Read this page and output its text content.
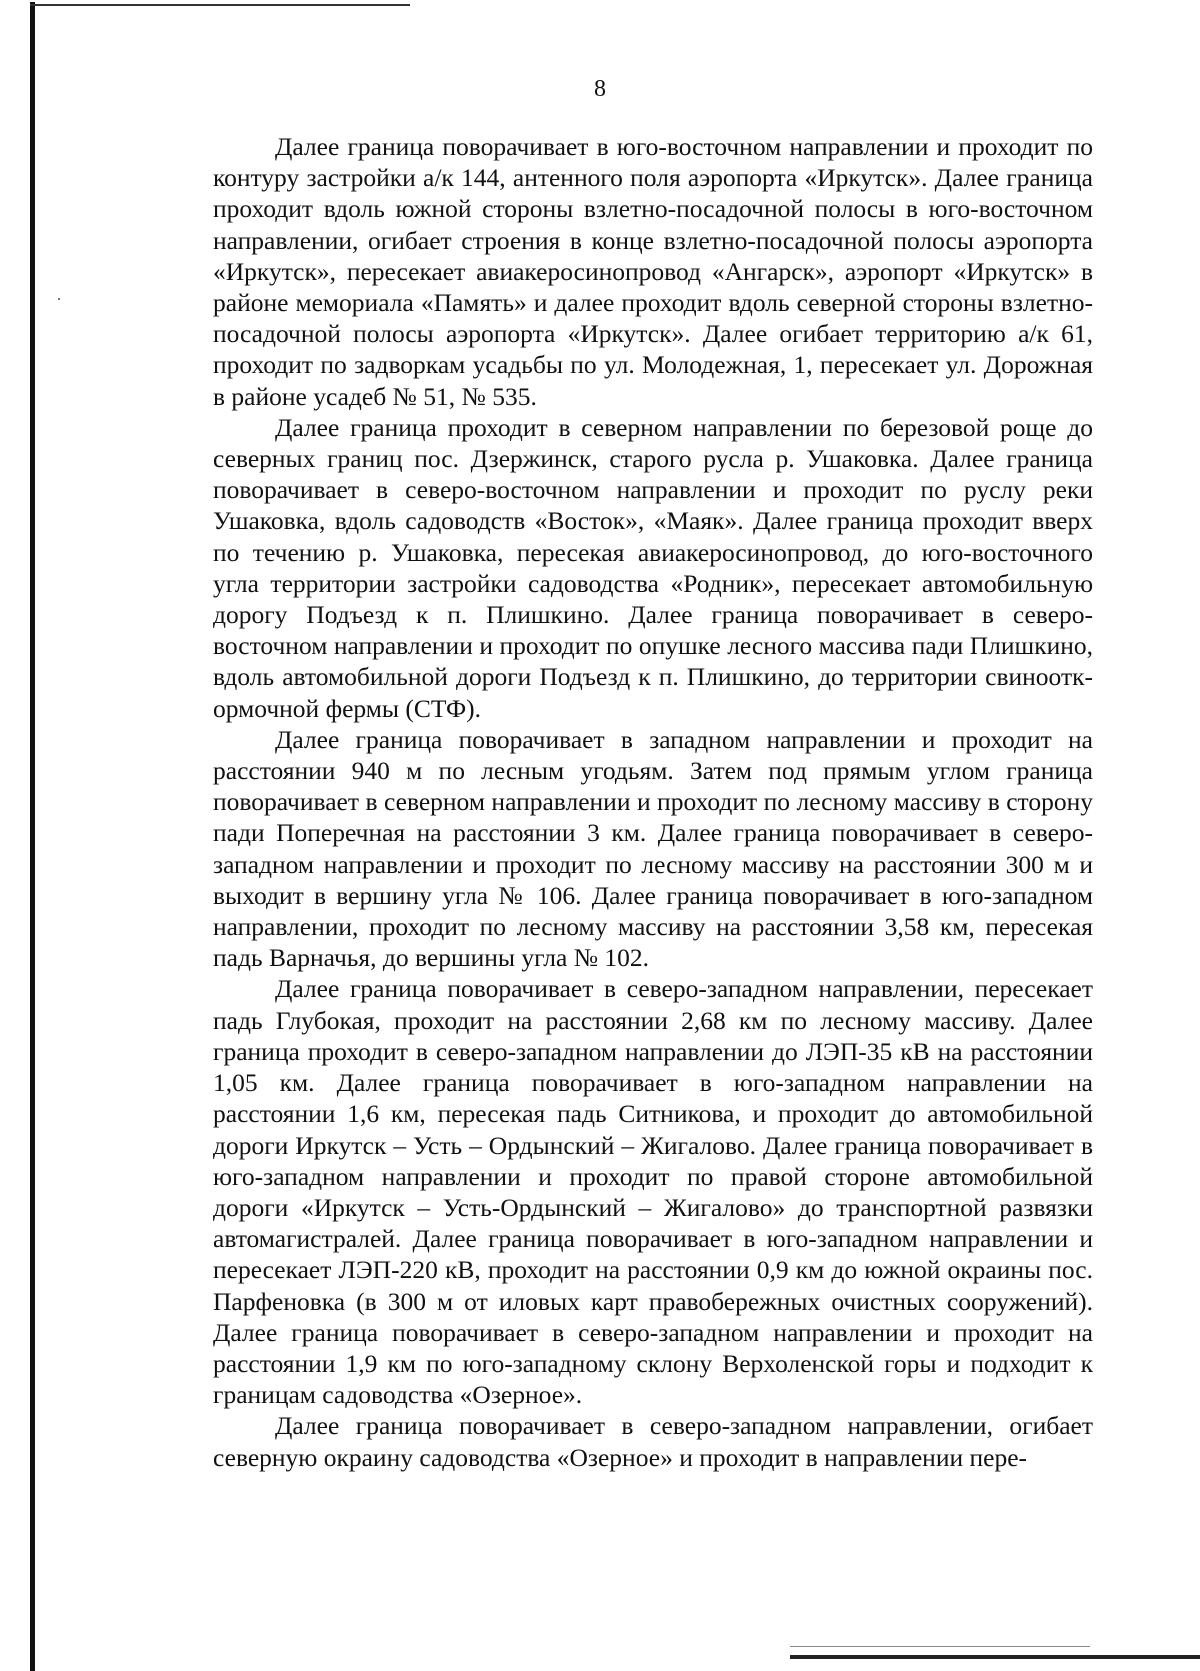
8

Далее граница поворачивает в юго-восточном направлении и проходит по контуру застройки а/к 144, антенного поля аэропорта «Иркутск». Далее граница проходит вдоль южной стороны взлетно-посадочной полосы в юго-восточном направлении, огибает строения в конце взлетно-посадочной полосы аэропорта «Иркутск», пересекает авиакеросинопровод «Ангарск», аэропорт «Иркутск» в районе мемориала «Память» и далее проходит вдоль северной стороны взлетно-посадочной полосы аэропорта «Иркутск». Далее огибает территорию а/к 61, проходит по задворкам усадьбы по ул. Молодежная, 1, пересекает ул. Дорожная в районе усадеб № 51, № 535.

Далее граница проходит в северном направлении по березовой роще до северных границ пос. Дзержинск, старого русла р. Ушаковка. Далее граница поворачивает в северо-восточном направлении и проходит по руслу реки Ушаковка, вдоль садоводств «Восток», «Маяк». Далее граница проходит вверх по течению р. Ушаковка, пересекая авиакеросинопровод, до юго-восточного угла территории застройки садоводства «Родник», пересекает автомобильную дорогу Подъезд к п. Плишкино. Далее граница поворачивает в северо-восточном направлении и проходит по опушке лесного массива пади Плишкино, вдоль автомобильной дороги Подъезд к п. Плишкино, до территории свинооткормочной фермы (СТФ).

Далее граница поворачивает в западном направлении и проходит на расстоянии 940 м по лесным угодьям. Затем под прямым углом граница поворачивает в северном направлении и проходит по лесному массиву в сторону пади Поперечная на расстоянии 3 км. Далее граница поворачивает в северо-западном направлении и проходит по лесному массиву на расстоянии 300 м и выходит в вершину угла № 106. Далее граница поворачивает в юго-западном направлении, проходит по лесному массиву на расстоянии 3,58 км, пересекая падь Варначья, до вершины угла № 102.

Далее граница поворачивает в северо-западном направлении, пересекает падь Глубокая, проходит на расстоянии 2,68 км по лесному массиву. Далее граница проходит в северо-западном направлении до ЛЭП-35 кВ на расстоянии 1,05 км. Далее граница поворачивает в юго-западном направлении на расстоянии 1,6 км, пересекая падь Ситникова, и проходит до автомобильной дороги Иркутск – Усть – Ордынский – Жигалово. Далее граница поворачивает в юго-западном направлении и проходит по правой стороне автомобильной дороги «Иркутск – Усть-Ордынский – Жигалово» до транспортной развязки автомагистралей. Далее граница поворачивает в юго-западном направлении и пересекает ЛЭП-220 кВ, проходит на расстоянии 0,9 км до южной окраины пос. Парфеновка (в 300 м от иловых карт правобережных очистных сооружений). Далее граница поворачивает в северо-западном направлении и проходит на расстоянии 1,9 км по юго-западному склону Верхоленской горы и подходит к границам садоводства «Озерное».

Далее граница поворачивает в северо-западном направлении, огибает северную окраину садоводства «Озерное» и проходит в направлении пере-
